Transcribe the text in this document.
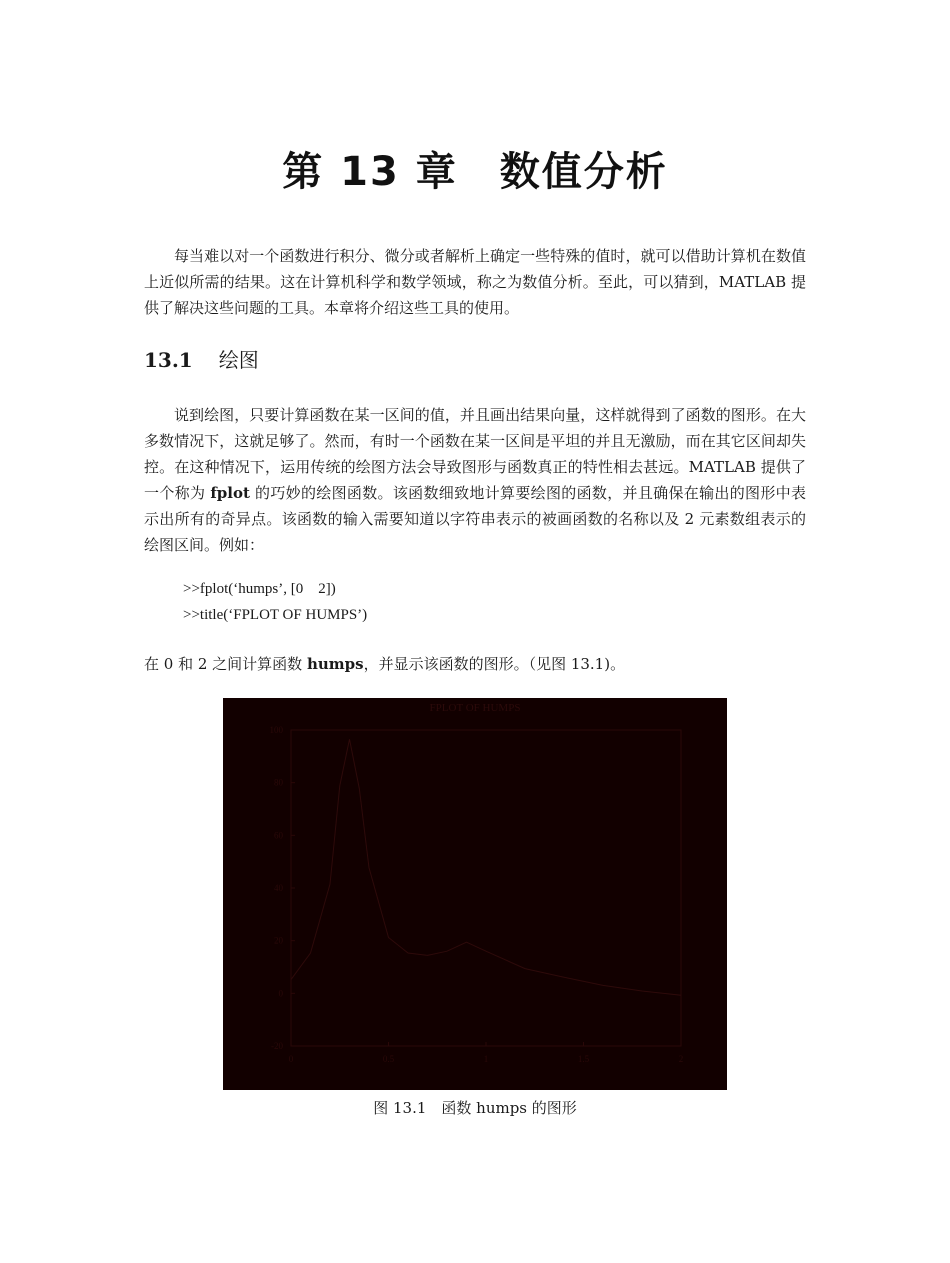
第 13 章　数值分析

每当难以对一个函数进行积分、微分或者解析上确定一些特殊的值时，就可以借助计算机在数值上近似所需的结果。这在计算机科学和数学领域，称之为数值分析。至此，可以猜到，MATLAB 提供了解决这些问题的工具。本章将介绍这些工具的使用。

13.1 绘图

说到绘图，只要计算函数在某一区间的值，并且画出结果向量，这样就得到了函数的图形。在大多数情况下，这就足够了。然而，有时一个函数在某一区间是平坦的并且无激励，而在其它区间却失控。在这种情况下，运用传统的绘图方法会导致图形与函数真正的特性相去甚远。MATLAB 提供了一个称为 fplot 的巧妙的绘图函数。该函数细致地计算要绘图的函数，并且确保在输出的图形中表示出所有的奇异点。该函数的输入需要知道以字符串表示的被画函数的名称以及 2 元素数组表示的绘图区间。例如：

>>fplot(‘humps’, [0　2])

>>title(‘FPLOT OF HUMPS’)

在 0 和 2 之间计算函数 humps，并显示该函数的图形。（见图 13.1)。

FPLOT OF HUMPS
-20
0
20
40
60
80
100
0	0.5	1	1.5	2

图 13.1　函数 humps 的图形
